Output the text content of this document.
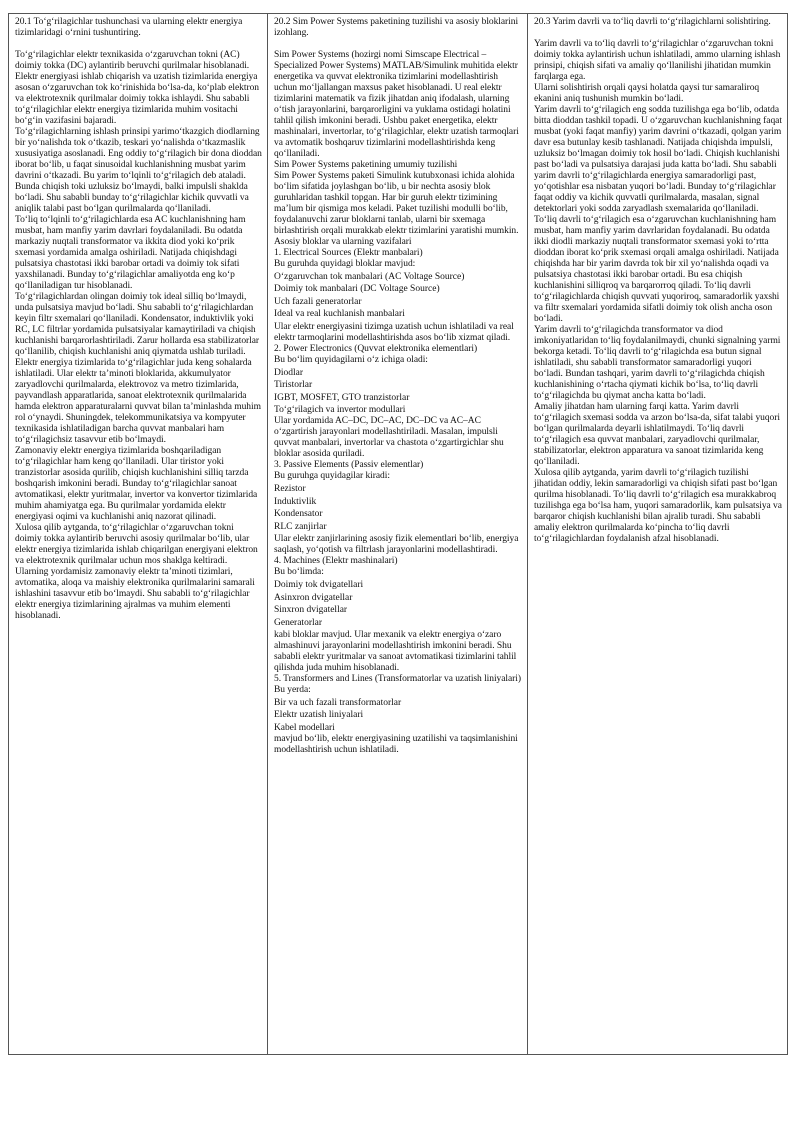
20.1 To‘g‘rilagichlar tushunchasi va ularning elektr energiya tizimlaridagi o‘rnini tushuntiring.

To‘g‘rilagichlar elektr texnikasida o‘zgaruvchan tokni (AC) doimiy tokka (DC) aylantirib beruvchi qurilmalar hisoblanadi. Elektr energiyasi ishlab chiqarish va uzatish tizimlarida energiya asosan o‘zgaruvchan tok ko‘rinishida bo‘lsa-da, ko‘plab elektron va elektrotexnik qurilmalar doimiy tokka ishlaydi. Shu sababli to‘g‘rilagichlar elektr energiya tizimlarida muhim vositachi bo‘g‘in vazifasini bajaradi.
To‘g‘rilagichlarning ishlash prinsipi yarimo‘tkazgich diodlarning bir yo‘nalishda tok o‘tkazib, teskari yo‘nalishda o‘tkazmaslik xususiyatiga asoslanadi. Eng oddiy to‘g‘rilagich bir dona dioddan iborat bo‘lib, u faqat sinusoidal kuchlanishning musbat yarim davrini o‘tkazadi. Bu yarim to‘lqinli to‘g‘rilagich deb ataladi. Bunda chiqish toki uzluksiz bo‘lmaydi, balki impulsli shaklda bo‘ladi. Shu sababli bunday to‘g‘rilagichlar kichik quvvatli va aniqlik talabi past bo‘lgan qurilmalarda qo‘llaniladi.
To‘liq to‘lqinli to‘g‘rilagichlarda esa AC kuchlanishning ham musbat, ham manfiy yarim davrlari foydalaniladi. Bu odatda markaziy nuqtali transformator va ikkita diod yoki ko‘prik sxemasi yordamida amalga oshiriladi. Natijada chiqishdagi pulsatsiya chastotasi ikki barobar ortadi va doimiy tok sifati yaxshilanadi. Bunday to‘g‘rilagichlar amaliyotda eng ko‘p qo‘llaniladigan tur hisoblanadi.
To‘g‘rilagichlardan olingan doimiy tok ideal silliq bo‘lmaydi, unda pulsatsiya mavjud bo‘ladi. Shu sababli to‘g‘rilagichlardan keyin filtr sxemalari qo‘llaniladi. Kondensator, induktivlik yoki RC, LC filtrlar yordamida pulsatsiyalar kamaytiriladi va chiqish kuchlanishi barqarorlashtiriladi. Zarur hollarda esa stabilizatorlar qo‘llanilib, chiqish kuchlanishi aniq qiymatda ushlab turiladi.
Elektr energiya tizimlarida to‘g‘rilagichlar juda keng sohalarda ishlatiladi. Ular elektr ta’minoti bloklarida, akkumulyator zaryadlovchi qurilmalarda, elektrovoz va metro tizimlarida, payvandlash apparatlarida, sanoat elektrotexnik qurilmalarida hamda elektron apparaturalarni quvvat bilan ta’minlashda muhim rol o‘ynaydi. Shuningdek, telekommunikatsiya va kompyuter texnikasida ishlatiladigan barcha quvvat manbalari ham to‘g‘rilagichsiz tasavvur etib bo‘lmaydi.
Zamonaviy elektr energiya tizimlarida boshqariladigan to‘g‘rilagichlar ham keng qo‘llaniladi. Ular tiristor yoki tranzistorlar asosida qurilib, chiqish kuchlanishini silliq tarzda boshqarish imkonini beradi. Bunday to‘g‘rilagichlar sanoat avtomatikasi, elektr yuritmalar, invertor va konvertor tizimlarida muhim ahamiyatga ega. Bu qurilmalar yordamida elektr energiyasi oqimi va kuchlanishi aniq nazorat qilinadi.
Xulosa qilib aytganda, to‘g‘rilagichlar o‘zgaruvchan tokni doimiy tokka aylantirib beruvchi asosiy qurilmalar bo‘lib, ular elektr energiya tizimlarida ishlab chiqarilgan energiyani elektron va elektrotexnik qurilmalar uchun mos shaklga keltiradi. Ularning yordamisiz zamonaviy elektr ta’minoti tizimlari, avtomatika, aloqa va maishiy elektronika qurilmalarini samarali ishlashini tasavvur etib bo‘lmaydi. Shu sababli to‘g‘rilagichlar elektr energiya tizimlarining ajralmas va muhim elementi hisoblanadi.

20.2 Sim Power Systems paketining tuzilishi va asosiy bloklarini izohlang.

Sim Power Systems (hozirgi nomi Simscape Electrical – Specialized Power Systems) MATLAB/Simulink muhitida elektr energetika va quvvat elektronika tizimlarini modellashtirish uchun mo‘ljallangan maxsus paket hisoblanadi. U real elektr tizimlarini matematik va fizik jihatdan aniq ifodalash, ularning o‘tish jarayonlarini, barqarorligini va yuklama ostidagi holatini tahlil qilish imkonini beradi. Ushbu paket energetika, elektr mashinalari, invertorlar, to‘g‘rilagichlar, elektr uzatish tarmoqlari va avtomatik boshqaruv tizimlarini modellashtirishda keng qo‘llaniladi.
Sim Power Systems paketining umumiy tuzilishi
Sim Power Systems paketi Simulink kutubxonasi ichida alohida bo‘lim sifatida joylashgan bo‘lib, u bir nechta asosiy blok guruhlaridan tashkil topgan. Har bir guruh elektr tizimining ma’lum bir qismiga mos keladi. Paket tuzilishi modulli bo‘lib, foydalanuvchi zarur bloklarni tanlab, ularni bir sxemaga birlashtirish orqali murakkab elektr tizimlarini yaratishi mumkin.
Asosiy bloklar va ularning vazifalari
1. Electrical Sources (Elektr manbalari)
Bu guruhda quyidagi bloklar mavjud:

O‘zgaruvchan tok manbalari (AC Voltage Source)
Doimiy tok manbalari (DC Voltage Source)
Uch fazali generatorlar
Ideal va real kuchlanish manbalari

Ular elektr energiyasini tizimga uzatish uchun ishlatiladi va real elektr tarmoqlarini modellashtirishda asos bo‘lib xizmat qiladi.
2. Power Electronics (Quvvat elektronika elementlari)
Bu bo‘lim quyidagilarni o‘z ichiga oladi:

Diodlar
Tiristorlar
IGBT, MOSFET, GTO tranzistorlar

To‘g‘rilagich va invertor modullari
Ular yordamida AC–DC, DC–AC, DC–DC va AC–AC o‘zgartirish jarayonlari modellashtiriladi. Masalan, impulsli quvvat manbalari, invertorlar va chastota o‘zgartirgichlar shu bloklar asosida quriladi.
3. Passive Elements (Passiv elementlar)
Bu guruhga quyidagilar kiradi:

Rezistor
Induktivlik
Kondensator
RLC zanjirlar

Ular elektr zanjirlarining asosiy fizik elementlari bo‘lib, energiya saqlash, yo‘qotish va filtrlash jarayonlarini modellashtiradi.
4. Machines (Elektr mashinalari)
Bu bo‘limda:

Doimiy tok dvigatellari
Asinxron dvigatellar
Sinxron dvigatellar
Generatorlar

kabi bloklar mavjud. Ular mexanik va elektr energiya o‘zaro almashinuvi jarayonlarini modellashtirish imkonini beradi. Shu sababli elektr yuritmalar va sanoat avtomatikasi tizimlarini tahlil qilishda juda muhim hisoblanadi.
5. Transformers and Lines (Transformatorlar va uzatish liniyalari)
Bu yerda:

Bir va uch fazali transformatorlar
Elektr uzatish liniyalari

Kabel modellari
mavjud bo‘lib, elektr energiyasining uzatilishi va taqsimlanishini modellashtirish uchun ishlatiladi.

20.3 Yarim davrli va to‘liq davrli to‘g‘rilagichlarni solishtiring.

Yarim davrli va to‘liq davrli to‘g‘rilagichlar o‘zgaruvchan tokni doimiy tokka aylantirish uchun ishlatiladi, ammo ularning ishlash prinsipi, chiqish sifati va amaliy qo‘llanilishi jihatidan mumkin farqlarga ega.
Ularni solishtirish orqali qaysi holatda qaysi tur samaraliroq ekanini aniq tushunish mumkin bo‘ladi.
Yarim davrli to‘g‘rilagich eng sodda tuzilishga ega bo‘lib, odatda bitta dioddan tashkil topadi. U o‘zgaruvchan kuchlanishning faqat musbat (yoki faqat manfiy) yarim davrini o‘tkazadi, qolgan yarim davr esa butunlay kesib tashlanadi. Natijada chiqishda impulsli, uzluksiz bo‘lmagan doimiy tok hosil bo‘ladi. Chiqish kuchlanishi past bo‘ladi va pulsatsiya darajasi juda katta bo‘ladi. Shu sababli yarim davrli to‘g‘rilagichlarda energiya samaradorligi past, yo‘qotishlar esa nisbatan yuqori bo‘ladi. Bunday to‘g‘rilagichlar faqat oddiy va kichik quvvatli qurilmalarda, masalan, signal detektorlari yoki sodda zaryadlash sxemalarida qo‘llaniladi.
To‘liq davrli to‘g‘rilagich esa o‘zgaruvchan kuchlanishning ham musbat, ham manfiy yarim davrlaridan foydalanadi. Bu odatda ikki diodli markaziy nuqtali transformator sxemasi yoki to‘rtta dioddan iborat ko‘prik sxemasi orqali amalga oshiriladi. Natijada chiqishda har bir yarim davrda tok bir xil yo‘nalishda oqadi va pulsatsiya chastotasi ikki barobar ortadi. Bu esa chiqish kuchlanishini silliqroq va barqarorroq qiladi. To‘liq davrli to‘g‘rilagichlarda chiqish quvvati yuqoriroq, samaradorlik yaxshi va filtr sxemalari yordamida sifatli doimiy tok olish ancha oson bo‘ladi.
Yarim davrli to‘g‘rilagichda transformator va diod imkoniyatlaridan to‘liq foydalanilmaydi, chunki signalning yarmi bekorga ketadi. To‘liq davrli to‘g‘rilagichda esa butun signal ishlatiladi, shu sababli transformator samaradorligi yuqori bo‘ladi. Bundan tashqari, yarim davrli to‘g‘rilagichda chiqish kuchlanishining o‘rtacha qiymati kichik bo‘lsa, to‘liq davrli to‘g‘rilagichda bu qiymat ancha katta bo‘ladi.
Amaliy jihatdan ham ularning farqi katta. Yarim davrli to‘g‘rilagich sxemasi sodda va arzon bo‘lsa-da, sifat talabi yuqori bo‘lgan qurilmalarda deyarli ishlatilmaydi. To‘liq davrli to‘g‘rilagich esa quvvat manbalari, zaryadlovchi qurilmalar, stabilizatorlar, elektron apparatura va sanoat tizimlarida keng qo‘llaniladi.
Xulosa qilib aytganda, yarim davrli to‘g‘rilagich tuzilishi jihatidan oddiy, lekin samaradorligi va chiqish sifati past bo‘lgan qurilma hisoblanadi. To‘liq davrli to‘g‘rilagich esa murakkabroq tuzilishga ega bo‘lsa ham, yuqori samaradorlik, kam pulsatsiya va barqaror chiqish kuchlanishi bilan ajralib turadi. Shu sababli amaliy elektron qurilmalarda ko‘pincha to‘liq davrli to‘g‘rilagichlardan foydalanish afzal hisoblanadi.
